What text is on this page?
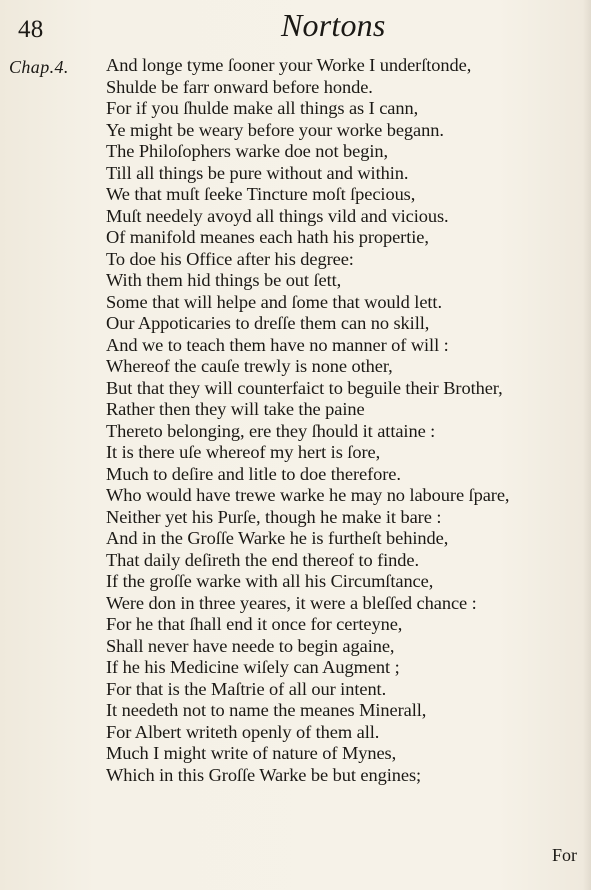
48	Nortons
Chap.4. And longe tyme ſooner your Worke I underſtonde,
Shulde be farr onward before honde.
For if you ſhulde make all things as I cann,
Ye might be weary before your worke begann.
The Philoſophers warke doe not begin,
Till all things be pure without and within.
We that muſt ſeeke Tincture moſt ſpecious,
Muſt needely avoyd all things vild and vicious.
Of manifold meanes each hath his propertie,
To doe his Office after his degree:
With them hid things be out ſett,
Some that will helpe and ſome that would lett.
Our Appoticaries to dreſſe them can no skill,
And we to teach them have no manner of will :
Whereof the cauſe trewly is none other,
But that they will counterfaict to beguile their Brother,
Rather then they will take the paine
Thereto belonging, ere they ſhould it attaine :
It is there uſe whereof my hert is ſore,
Much to deſire and litle to doe therefore.
Who would have trewe warke he may no laboure ſpare,
Neither yet his Purſe, though he make it bare :
And in the Groſſe Warke he is furtheſt behinde,
That daily deſireth the end thereof to finde.
If the groſſe warke with all his Circumſtance,
Were don in three yeares, it were a bleſſed chance :
For he that ſhall end it once for certeyne,
Shall never have neede to begin againe,
If he his Medicine wiſely can Augment ;
For that is the Maſtrie of all our intent.
It needeth not to name the meanes Minerall,
For Albert writeth openly of them all.
Much I might write of nature of Mynes,
Which in this Groſſe Warke be but engines;
For
